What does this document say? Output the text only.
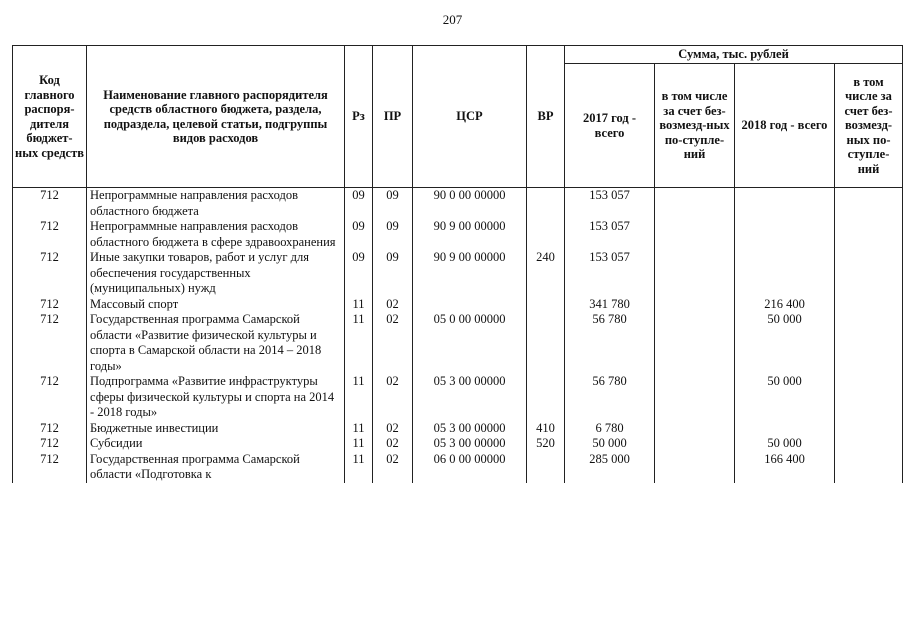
207
Код главного распоря-дителя бюджет-ных средств	Наименование главного распорядителя средств областного бюджета, раздела, подраздела, целевой статьи, подгруппы видов расходов	Рз	ПР	ЦСР	ВР	Сумма, тыс. рублей			
						2017 год - всего	в том числе за счет без-возмезд-ных по-ступле-ний	2018 год - всего	в том числе за счет без-возмезд-ных по-ступле-ний
712	Непрограммные направления расходов областного бюджета	09	09	90 0 00 00000		153 057			
712	Непрограммные направления расходов областного бюджета в сфере здравоохранения	09	09	90 9 00 00000		153 057			
712	Иные закупки товаров, работ и услуг для обеспечения государственных (муниципальных) нужд	09	09	90 9 00 00000	240	153 057			
712	Массовый спорт	11	02			341 780		216 400	
712	Государственная программа Самарской области «Развитие физической культуры и спорта в Самарской области на 2014 – 2018 годы»	11	02	05 0 00 00000		56 780		50 000	
712	Подпрограмма «Развитие инфраструктуры сферы физической культуры и спорта на 2014 - 2018 годы»	11	02	05 3 00 00000		56 780		50 000	
712	Бюджетные инвестиции	11	02	05 3 00 00000	410	6 780			
712	Субсидии	11	02	05 3 00 00000	520	50 000		50 000	
712	Государственная программа Самарской области «Подготовка к	11	02	06 0 00 00000		285 000		166 400	
